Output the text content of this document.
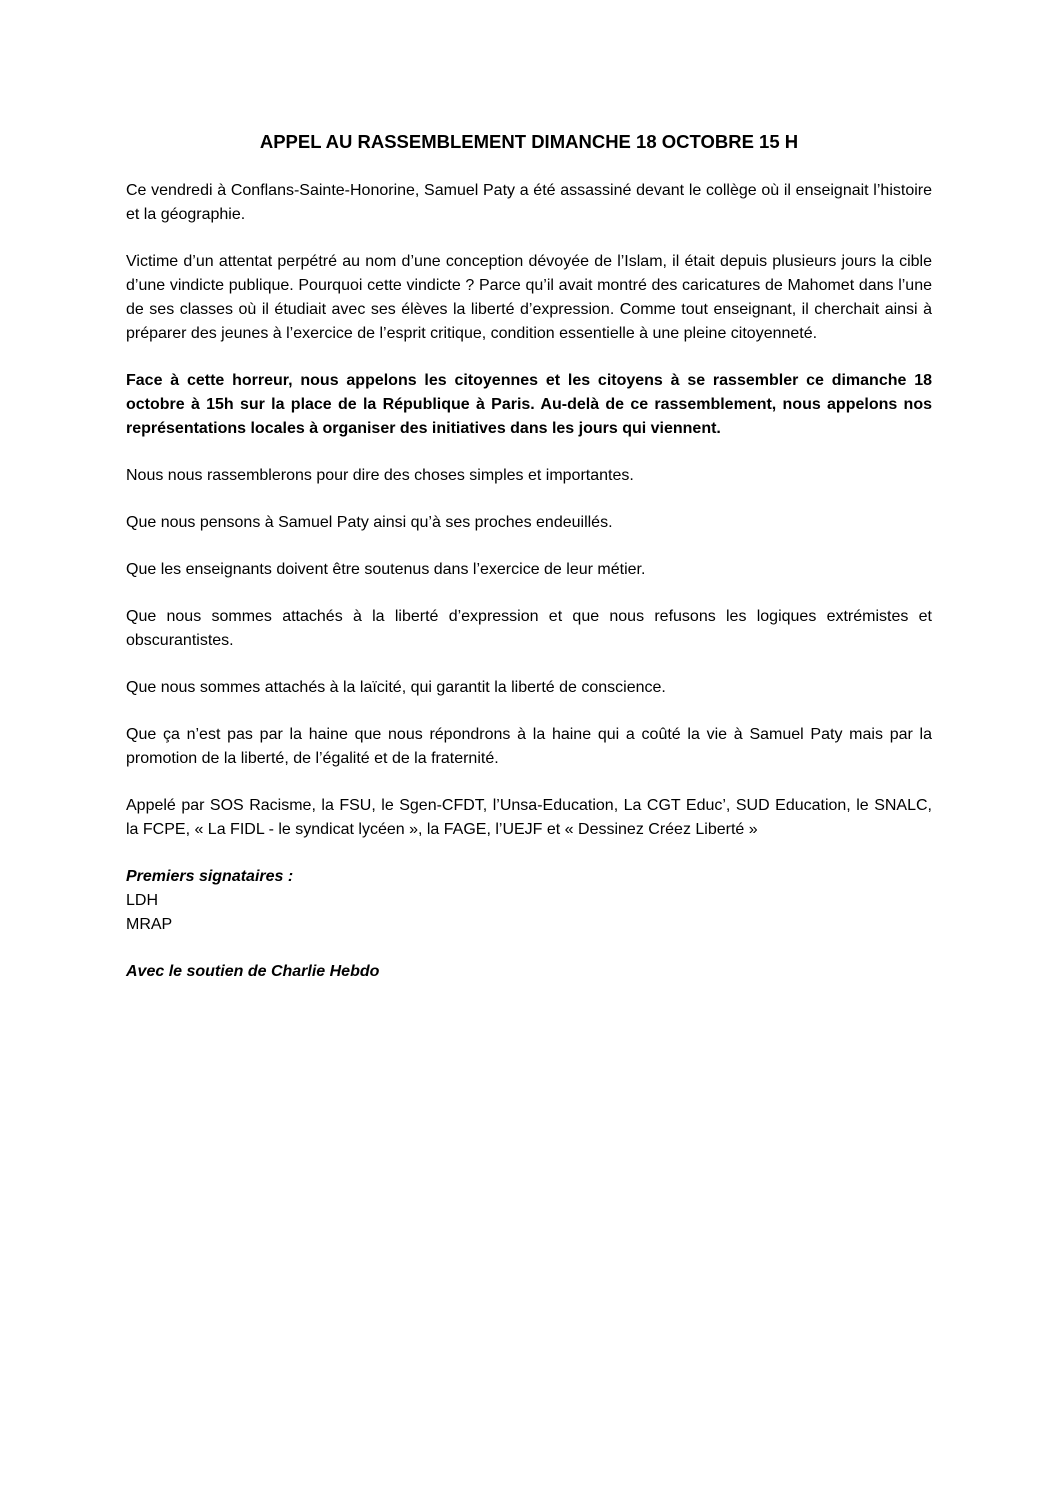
APPEL AU RASSEMBLEMENT DIMANCHE 18 OCTOBRE 15 H

Ce vendredi à Conflans-Sainte-Honorine, Samuel Paty a été assassiné devant le collège où il enseignait l’histoire et la géographie.

Victime d’un attentat perpétré au nom d’une conception dévoyée de l’Islam, il était depuis plusieurs jours la cible d’une vindicte publique. Pourquoi cette vindicte ? Parce qu’il avait montré des caricatures de Mahomet dans l’une de ses classes où il étudiait avec ses élèves la liberté d’expression. Comme tout enseignant, il cherchait ainsi à préparer des jeunes à l’exercice de l’esprit critique, condition essentielle à une pleine citoyenneté.

Face à cette horreur, nous appelons les citoyennes et les citoyens à se rassembler ce dimanche 18 octobre à 15h sur la place de la République à Paris. Au-delà de ce rassemblement, nous appelons nos représentations locales à organiser des initiatives dans les jours qui viennent.

Nous nous rassemblerons pour dire des choses simples et importantes.

Que nous pensons à Samuel Paty ainsi qu’à ses proches endeuillés.

Que les enseignants doivent être soutenus dans l’exercice de leur métier.

Que nous sommes attachés à la liberté d’expression et que nous refusons les logiques extrémistes et obscurantistes.

Que nous sommes attachés à la laïcité, qui garantit la liberté de conscience.

Que ça n’est pas par la haine que nous répondrons à la haine qui a coûté la vie à Samuel Paty mais par la promotion de la liberté, de l’égalité et de la fraternité.

Appelé par SOS Racisme, la FSU, le Sgen-CFDT, l’Unsa-Education, La CGT Educ’, SUD Education, le SNALC, la FCPE, « La FIDL - le syndicat lycéen », la FAGE, l’UEJF et « Dessinez Créez Liberté »

Premiers signataires :
LDH
MRAP
Avec le soutien de Charlie Hebdo
